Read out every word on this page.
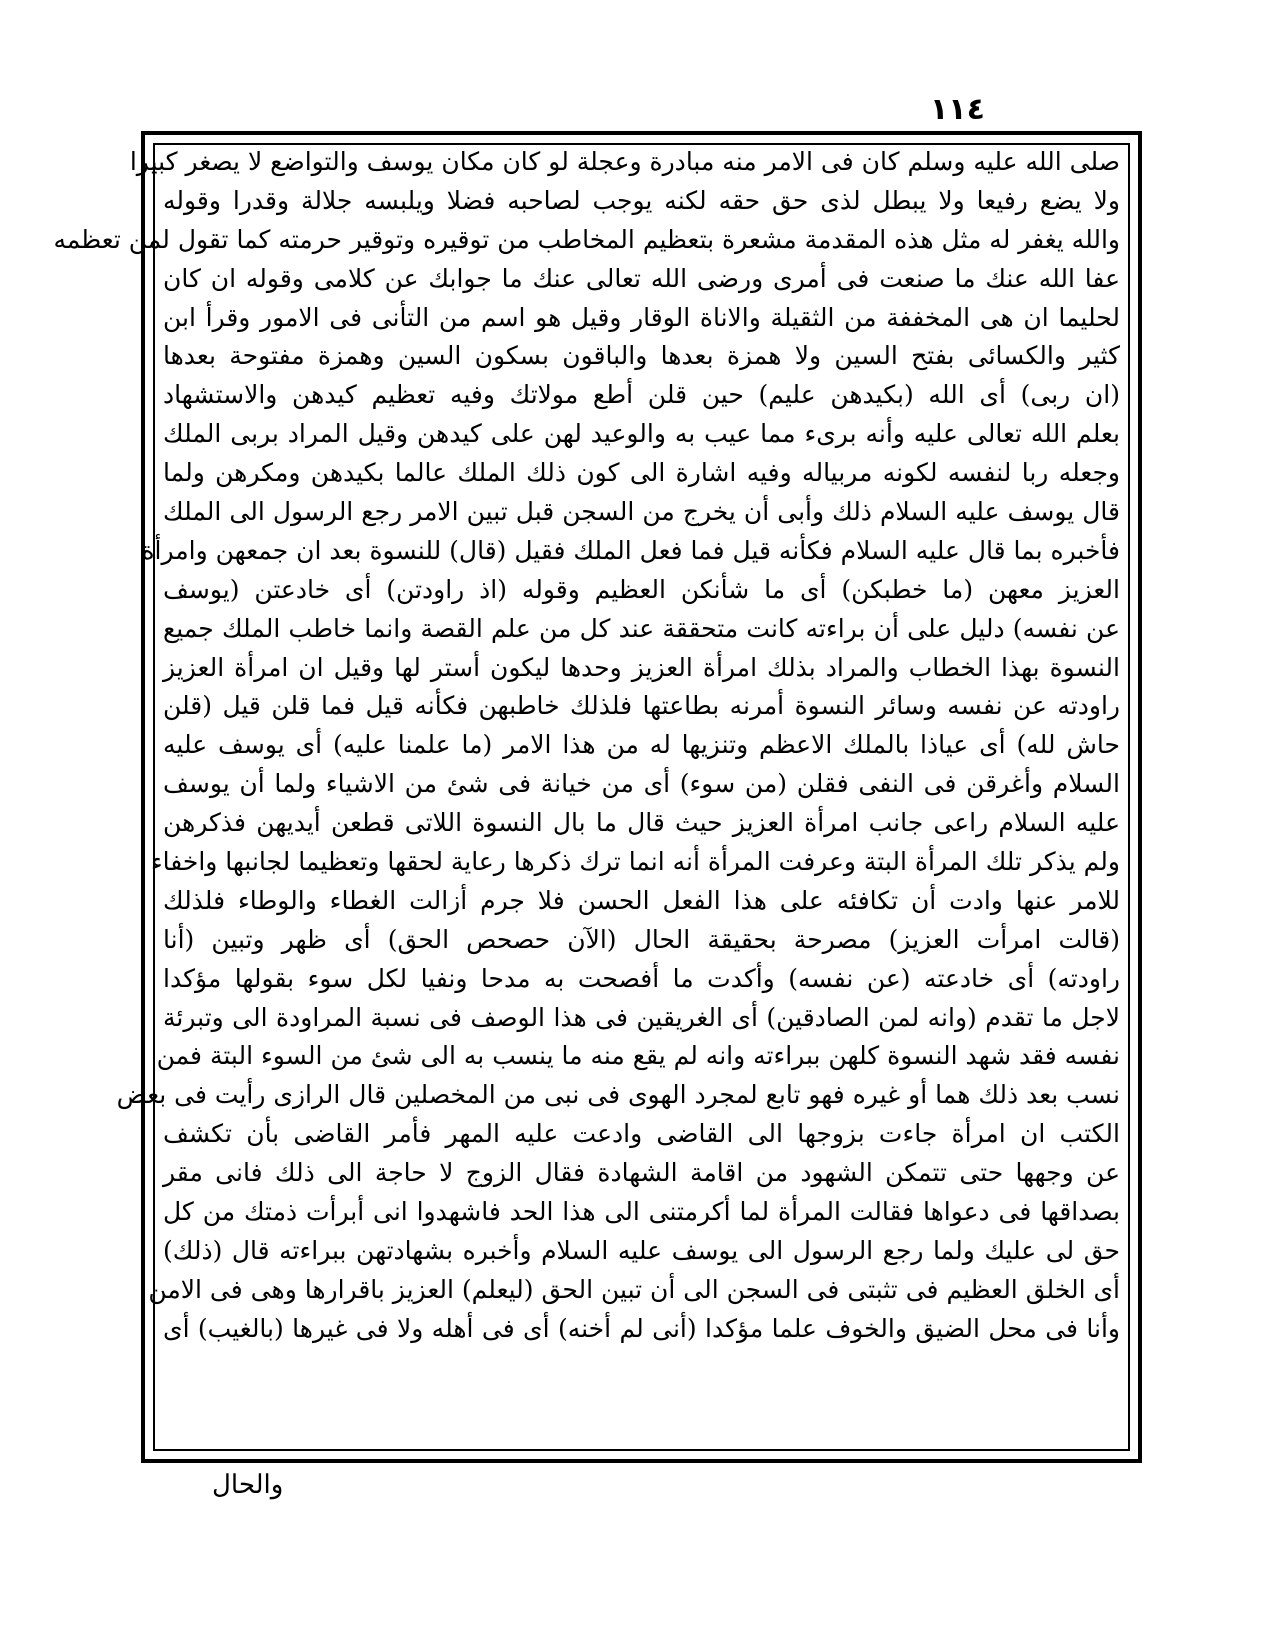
١١٤
صلى الله عليه وسلم كان فى الامر منه مبادرة وعجلة لو كان مكان يوسف والتواضع لا يصغر كبيرا
ولا يضع رفيعا ولا يبطل لذى حق حقه لكنه يوجب لصاحبه فضلا ويلبسه جلالة وقدرا وقوله
والله يغفر له مثل هذه المقدمة مشعرة بتعظيم المخاطب من توقيره وتوقير حرمته كما تقول لمن تعظمه
عفا الله عنك ما صنعت فى أمرى ورضى الله تعالى عنك ما جوابك عن كلامى وقوله ان كان
لحليما ان هى المخففة من الثقيلة والاناة الوقار وقيل هو اسم من التأنى فى الامور وقرأ ابن
كثير والكسائى بفتح السين ولا همزة بعدها والباقون بسكون السين وهمزة مفتوحة بعدها
(ان ربى) أى الله (بكيدهن عليم) حين قلن أطع مولاتك وفيه تعظيم كيدهن والاستشهاد
بعلم الله تعالى عليه وأنه برىء مما عيب به والوعيد لهن على كيدهن وقيل المراد بربى الملك
وجعله ربا لنفسه لكونه مربياله وفيه اشارة الى كون ذلك الملك عالما بكيدهن ومكرهن ولما
قال يوسف عليه السلام ذلك وأبى أن يخرج من السجن قبل تبين الامر رجع الرسول الى الملك
فأخبره بما قال عليه السلام فكأنه قيل فما فعل الملك فقيل (قال) للنسوة بعد ان جمعهن وامرأة
العزيز معهن (ما خطبكن) أى ما شأنكن العظيم وقوله (اذ راودتن) أى خادعتن (يوسف
عن نفسه) دليل على أن براءته كانت متحققة عند كل من علم القصة وانما خاطب الملك جميع
النسوة بهذا الخطاب والمراد بذلك امرأة العزيز وحدها ليكون أستر لها وقيل ان امرأة العزيز
راودته عن نفسه وسائر النسوة أمرنه بطاعتها فلذلك خاطبهن فكأنه قيل فما قلن قيل (قلن
حاش لله) أى عياذا بالملك الاعظم وتنزيها له من هذا الامر (ما علمنا عليه) أى يوسف عليه
السلام وأغرقن فى النفى فقلن (من سوء) أى من خيانة فى شئ من الاشياء ولما أن يوسف
عليه السلام راعى جانب امرأة العزيز حيث قال ما بال النسوة اللاتى قطعن أيديهن فذكرهن
ولم يذكر تلك المرأة البتة وعرفت المرأة أنه انما ترك ذكرها رعاية لحقها وتعظيما لجانبها واخفاء
للامر عنها وادت أن تكافئه على هذا الفعل الحسن فلا جرم أزالت الغطاء والوطاء فلذلك
(قالت امرأت العزيز) مصرحة بحقيقة الحال (الآن حصحص الحق) أى ظهر وتبين (أنا
راودته) أى خادعته (عن نفسه) وأكدت ما أفصحت به مدحا ونفيا لكل سوء بقولها مؤكدا
لاجل ما تقدم (وانه لمن الصادقين) أى الغريقين فى هذا الوصف فى نسبة المراودة الى وتبرئة
نفسه فقد شهد النسوة كلهن ببراءته وانه لم يقع منه ما ينسب به الى شئ من السوء البتة فمن
نسب بعد ذلك هما أو غيره فهو تابع لمجرد الهوى فى نبى من المخصلين قال الرازى رأيت فى بعض
الكتب ان امرأة جاءت بزوجها الى القاضى وادعت عليه المهر فأمر القاضى بأن تكشف
عن وجهها حتى تتمكن الشهود من اقامة الشهادة فقال الزوج لا حاجة الى ذلك فانى مقر
بصداقها فى دعواها فقالت المرأة لما أكرمتنى الى هذا الحد فاشهدوا انى أبرأت ذمتك من كل
حق لى عليك ولما رجع الرسول الى يوسف عليه السلام وأخبره بشهادتهن ببراءته قال (ذلك)
أى الخلق العظيم فى تثبتى فى السجن الى أن تبين الحق (ليعلم) العزيز باقرارها وهى فى الامن
وأنا فى محل الضيق والخوف علما مؤكدا (أنى لم أخنه) أى فى أهله ولا فى غيرها (بالغيب) أى
والحال
